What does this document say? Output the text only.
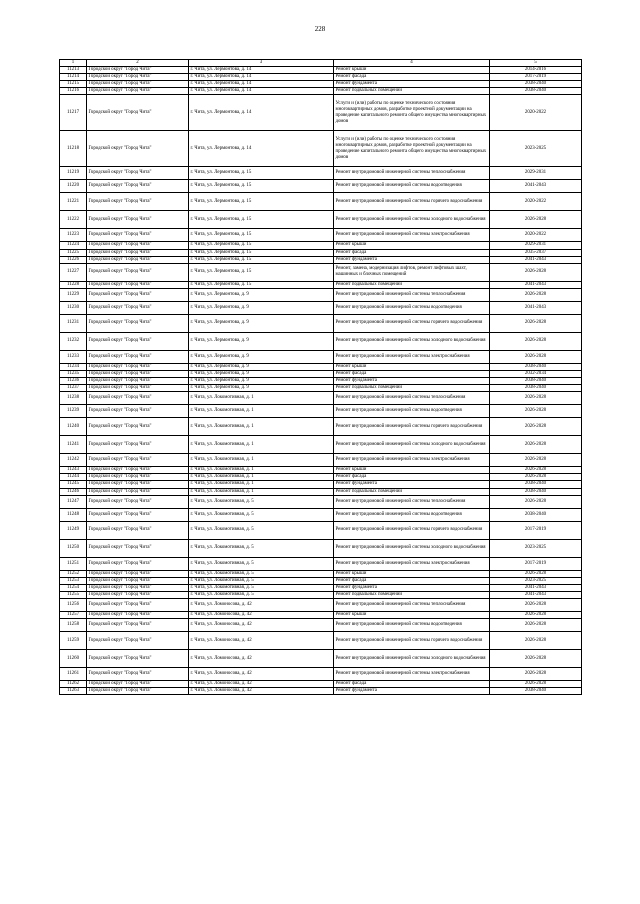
228
1	2	3	4	5
11213	Городской округ "Город Чита"	г. Чита, ул. Лермонтова, д. 14	Ремонт крыши	2014-2016
11214	Городской округ "Город Чита"	г. Чита, ул. Лермонтова, д. 14	Ремонт фасада	2017-2019
11215	Городской округ "Город Чита"	г. Чита, ул. Лермонтова, д. 14	Ремонт фундамента	2038-2040
11216	Городской округ "Город Чита"	г. Чита, ул. Лермонтова, д. 14	Ремонт подвальных помещений	2038-2040
11217	Городской округ "Город Чита"	г. Чита, ул. Лермонтова, д. 14	Услуги и (или) работы по оценке технического состояния многоквартирных домов, разработке проектной документации на проведение капитального ремонта общего имущества многоквартирных домов	2020-2022
11218	Городской округ "Город Чита"	г. Чита, ул. Лермонтова, д. 14	Услуги и (или) работы по оценке технического состояния многоквартирных домов, разработке проектной документации на проведение капитального ремонта общего имущества многоквартирных домов	2023-2025
11219	Городской округ "Город Чита"	г. Чита, ул. Лермонтова, д. 15	Ремонт внутридомовой инженерной системы теплоснабжения	2029-2031
11220	Городской округ "Город Чита"	г. Чита, ул. Лермонтова, д. 15	Ремонт внутридомовой инженерной системы водоотведения	2041-2043
11221	Городской округ "Город Чита"	г. Чита, ул. Лермонтова, д. 15	Ремонт внутридомовой инженерной системы горячего водоснабжения	2020-2022
11222	Городской округ "Город Чита"	г. Чита, ул. Лермонтова, д. 15	Ремонт внутридомовой инженерной системы холодного водоснабжения	2026-2028
11223	Городской округ "Город Чита"	г. Чита, ул. Лермонтова, д. 15	Ремонт внутридомовой инженерной системы электроснабжения	2020-2022
11224	Городской округ "Город Чита"	г. Чита, ул. Лермонтова, д. 15	Ремонт крыши	2029-2031
11225	Городской округ "Город Чита"	г. Чита, ул. Лермонтова, д. 15	Ремонт фасада	2035-2037
11226	Городской округ "Город Чита"	г. Чита, ул. Лермонтова, д. 15	Ремонт фундамента	2041-2043
11227	Городской округ "Город Чита"	г. Чита, ул. Лермонтова, д. 15	Ремонт, замена, модернизация лифтов, ремонт лифтовых шахт, машинных и блочных помещений	2026-2028
11228	Городской округ "Город Чита"	г. Чита, ул. Лермонтова, д. 15	Ремонт подвальных помещений	2041-2043
11229	Городской округ "Город Чита"	г. Чита, ул. Лермонтова, д. 9	Ремонт внутридомовой инженерной системы теплоснабжения	2026-2028
11230	Городской округ "Город Чита"	г. Чита, ул. Лермонтова, д. 9	Ремонт внутридомовой инженерной системы водоотведения	2041-2043
11231	Городской округ "Город Чита"	г. Чита, ул. Лермонтова, д. 9	Ремонт внутридомовой инженерной системы горячего водоснабжения	2026-2028
11232	Городской округ "Город Чита"	г. Чита, ул. Лермонтова, д. 9	Ремонт внутридомовой инженерной системы холодного водоснабжения	2026-2028
11233	Городской округ "Город Чита"	г. Чита, ул. Лермонтова, д. 9	Ремонт внутридомовой инженерной системы электроснабжения	2026-2028
11234	Городской округ "Город Чита"	г. Чита, ул. Лермонтова, д. 9	Ремонт крыши	2038-2040
11235	Городской округ "Город Чита"	г. Чита, ул. Лермонтова, д. 9	Ремонт фасада	2032-2034
11236	Городской округ "Город Чита"	г. Чита, ул. Лермонтова, д. 9	Ремонт фундамента	2038-2040
11237	Городской округ "Город Чита"	г. Чита, ул. Лермонтова, д. 9	Ремонт подвальных помещений	2038-2040
11238	Городской округ "Город Чита"	г. Чита, ул. Локомотивная, д. 1	Ремонт внутридомовой инженерной системы теплоснабжения	2026-2028
11239	Городской округ "Город Чита"	г. Чита, ул. Локомотивная, д. 1	Ремонт внутридомовой инженерной системы водоотведения	2026-2028
11240	Городской округ "Город Чита"	г. Чита, ул. Локомотивная, д. 1	Ремонт внутридомовой инженерной системы горячего водоснабжения	2026-2028
11241	Городской округ "Город Чита"	г. Чита, ул. Локомотивная, д. 1	Ремонт внутридомовой инженерной системы холодного водоснабжения	2026-2028
11242	Городской округ "Город Чита"	г. Чита, ул. Локомотивная, д. 1	Ремонт внутридомовой инженерной системы электроснабжения	2026-2028
11243	Городской округ "Город Чита"	г. Чита, ул. Локомотивная, д. 1	Ремонт крыши	2026-2028
11244	Городской округ "Город Чита"	г. Чита, ул. Локомотивная, д. 1	Ремонт фасада	2026-2028
11245	Городской округ "Город Чита"	г. Чита, ул. Локомотивная, д. 1	Ремонт фундамента	2038-2040
11246	Городской округ "Город Чита"	г. Чита, ул. Локомотивная, д. 1	Ремонт подвальных помещений	2038-2040
11247	Городской округ "Город Чита"	г. Чита, ул. Локомотивная, д. 5	Ремонт внутридомовой инженерной системы теплоснабжения	2026-2028
11248	Городской округ "Город Чита"	г. Чита, ул. Локомотивная, д. 5	Ремонт внутридомовой инженерной системы водоотведения	2038-2040
11249	Городской округ "Город Чита"	г. Чита, ул. Локомотивная, д. 5	Ремонт внутридомовой инженерной системы горячего водоснабжения	2017-2019
11250	Городской округ "Город Чита"	г. Чита, ул. Локомотивная, д. 5	Ремонт внутридомовой инженерной системы холодного водоснабжения	2023-2025
11251	Городской округ "Город Чита"	г. Чита, ул. Локомотивная, д. 5	Ремонт внутридомовой инженерной системы электроснабжения	2017-2019
11252	Городской округ "Город Чита"	г. Чита, ул. Локомотивная, д. 5	Ремонт крыши	2026-2028
11253	Городской округ "Город Чита"	г. Чита, ул. Локомотивная, д. 5	Ремонт фасада	2023-2025
11254	Городской округ "Город Чита"	г. Чита, ул. Локомотивная, д. 5	Ремонт фундамента	2041-2043
11255	Городской округ "Город Чита"	г. Чита, ул. Локомотивная, д. 5	Ремонт подвальных помещений	2041-2043
11256	Городской округ "Город Чита"	г. Чита, ул. Ломоносова, д. 42	Ремонт внутридомовой инженерной системы теплоснабжения	2026-2028
11257	Городской округ "Город Чита"	г. Чита, ул. Ломоносова, д. 42	Ремонт крыши	2026-2028
11258	Городской округ "Город Чита"	г. Чита, ул. Ломоносова, д. 42	Ремонт внутридомовой инженерной системы водоотведения	2026-2028
11259	Городской округ "Город Чита"	г. Чита, ул. Ломоносова, д. 42	Ремонт внутридомовой инженерной системы горячего водоснабжения	2026-2028
11260	Городской округ "Город Чита"	г. Чита, ул. Ломоносова, д. 42	Ремонт внутридомовой инженерной системы холодного водоснабжения	2026-2028
11261	Городской округ "Город Чита"	г. Чита, ул. Ломоносова, д. 42	Ремонт внутридомовой инженерной системы электроснабжения	2026-2028
11262	Городской округ "Город Чита"	г. Чита, ул. Ломоносова, д. 42	Ремонт фасада	2026-2028
11263	Городской округ "Город Чита"	г. Чита, ул. Ломоносова, д. 42	Ремонт фундамента	2038-2040
